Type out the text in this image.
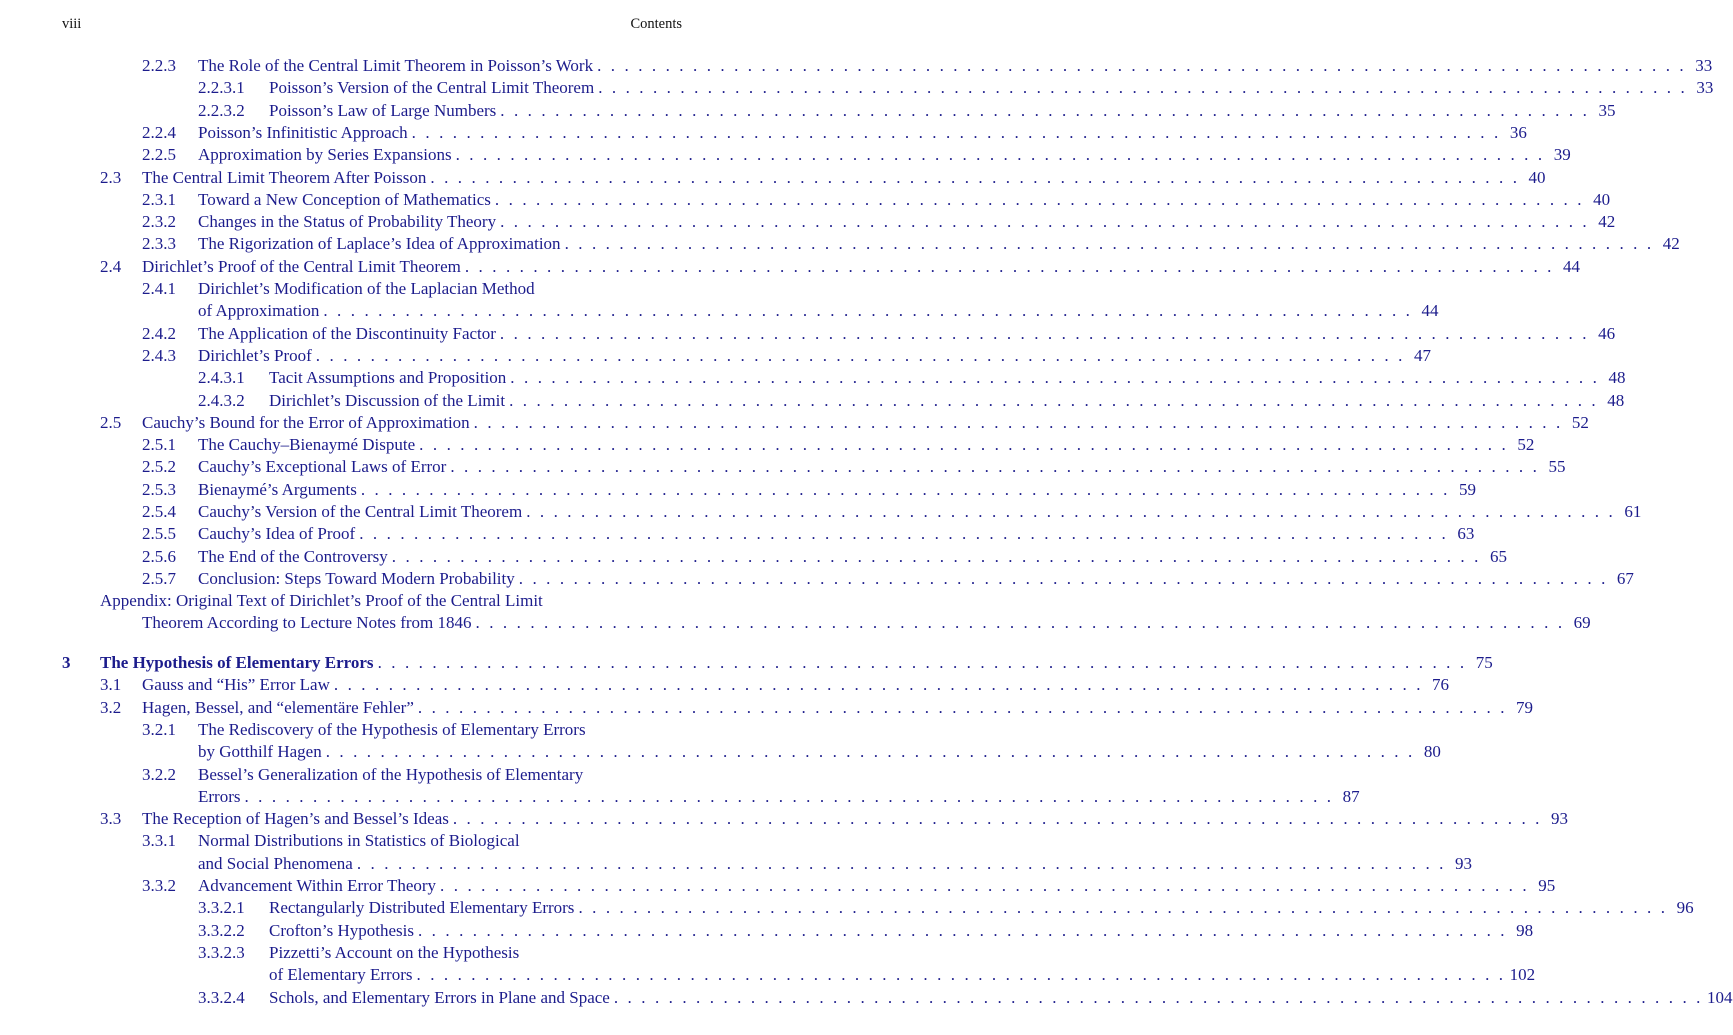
viii	Contents
2.2.3 The Role of the Central Limit Theorem in Poisson’s Work . . . . . . . . . . . . . . . . . . . . . . . . . . . . . . . . . . . . . . . . . . . . . . . . . . . . . . . . . . . . . . . . . . . . . . . . . . . . . . . . 33
2.2.3.1 Poisson’s Version of the Central Limit Theorem . . . . . . . . . . . . . . . . . . . . . . . . . . . . . . . . . . . . . . . . . . . . . . . . . . . . . . . . . . . . . . . . . . . . . . . . . . . . . . . . 33
2.2.3.2 Poisson’s Law of Large Numbers . . . . . . . . . . . . . . . . . . . . . . . . . . . . . . . . . . . . . . . . . . . . . . . . . . . . . . . . . . . . . . . . . . . . . . . . . . . . . . . . 35
2.2.4 Poisson’s Infinitistic Approach . . . . . . . . . . . . . . . . . . . . . . . . . . . . . . . . . . . . . . . . . . . . . . . . . . . . . . . . . . . . . . . . . . . . . . . . . . . . . . . . 36
2.2.5 Approximation by Series Expansions . . . . . . . . . . . . . . . . . . . . . . . . . . . . . . . . . . . . . . . . . . . . . . . . . . . . . . . . . . . . . . . . . . . . . . . . . . . . . . . . 39
2.3 The Central Limit Theorem After Poisson . . . . . . . . . . . . . . . . . . . . . . . . . . . . . . . . . . . . . . . . . . . . . . . . . . . . . . . . . . . . . . . . . . . . . . . . . . . . . . . . 40
2.3.1 Toward a New Conception of Mathematics . . . . . . . . . . . . . . . . . . . . . . . . . . . . . . . . . . . . . . . . . . . . . . . . . . . . . . . . . . . . . . . . . . . . . . . . . . . . . . . . 40
2.3.2 Changes in the Status of Probability Theory . . . . . . . . . . . . . . . . . . . . . . . . . . . . . . . . . . . . . . . . . . . . . . . . . . . . . . . . . . . . . . . . . . . . . . . . . . . . . . . . 42
2.3.3 The Rigorization of Laplace’s Idea of Approximation . . . . . . . . . . . . . . . . . . . . . . . . . . . . . . . . . . . . . . . . . . . . . . . . . . . . . . . . . . . . . . . . . . . . . . . . . . . . . . . . 42
2.4 Dirichlet’s Proof of the Central Limit Theorem . . . . . . . . . . . . . . . . . . . . . . . . . . . . . . . . . . . . . . . . . . . . . . . . . . . . . . . . . . . . . . . . . . . . . . . . . . . . . . . . 44
2.4.1 Dirichlet’s Modification of the Laplacian Method
of Approximation . . . . . . . . . . . . . . . . . . . . . . . . . . . . . . . . . . . . . . . . . . . . . . . . . . . . . . . . . . . . . . . . . . . . . . . . . . . . . . . . 44
2.4.2 The Application of the Discontinuity Factor . . . . . . . . . . . . . . . . . . . . . . . . . . . . . . . . . . . . . . . . . . . . . . . . . . . . . . . . . . . . . . . . . . . . . . . . . . . . . . . . 46
2.4.3 Dirichlet’s Proof . . . . . . . . . . . . . . . . . . . . . . . . . . . . . . . . . . . . . . . . . . . . . . . . . . . . . . . . . . . . . . . . . . . . . . . . . . . . . . . . 47
2.4.3.1 Tacit Assumptions and Proposition . . . . . . . . . . . . . . . . . . . . . . . . . . . . . . . . . . . . . . . . . . . . . . . . . . . . . . . . . . . . . . . . . . . . . . . . . . . . . . . . 48
2.4.3.2 Dirichlet’s Discussion of the Limit . . . . . . . . . . . . . . . . . . . . . . . . . . . . . . . . . . . . . . . . . . . . . . . . . . . . . . . . . . . . . . . . . . . . . . . . . . . . . . . . 48
2.5 Cauchy’s Bound for the Error of Approximation . . . . . . . . . . . . . . . . . . . . . . . . . . . . . . . . . . . . . . . . . . . . . . . . . . . . . . . . . . . . . . . . . . . . . . . . . . . . . . . . 52
2.5.1 The Cauchy–Bienaymé Dispute . . . . . . . . . . . . . . . . . . . . . . . . . . . . . . . . . . . . . . . . . . . . . . . . . . . . . . . . . . . . . . . . . . . . . . . . . . . . . . . . 52
2.5.2 Cauchy’s Exceptional Laws of Error . . . . . . . . . . . . . . . . . . . . . . . . . . . . . . . . . . . . . . . . . . . . . . . . . . . . . . . . . . . . . . . . . . . . . . . . . . . . . . . . 55
2.5.3 Bienaymé’s Arguments . . . . . . . . . . . . . . . . . . . . . . . . . . . . . . . . . . . . . . . . . . . . . . . . . . . . . . . . . . . . . . . . . . . . . . . . . . . . . . . . 59
2.5.4 Cauchy’s Version of the Central Limit Theorem . . . . . . . . . . . . . . . . . . . . . . . . . . . . . . . . . . . . . . . . . . . . . . . . . . . . . . . . . . . . . . . . . . . . . . . . . . . . . . . . 61
2.5.5 Cauchy’s Idea of Proof . . . . . . . . . . . . . . . . . . . . . . . . . . . . . . . . . . . . . . . . . . . . . . . . . . . . . . . . . . . . . . . . . . . . . . . . . . . . . . . . 63
2.5.6 The End of the Controversy . . . . . . . . . . . . . . . . . . . . . . . . . . . . . . . . . . . . . . . . . . . . . . . . . . . . . . . . . . . . . . . . . . . . . . . . . . . . . . . . 65
2.5.7 Conclusion: Steps Toward Modern Probability . . . . . . . . . . . . . . . . . . . . . . . . . . . . . . . . . . . . . . . . . . . . . . . . . . . . . . . . . . . . . . . . . . . . . . . . . . . . . . . . 67
Appendix: Original Text of Dirichlet’s Proof of the Central Limit
Theorem According to Lecture Notes from 1846 . . . . . . . . . . . . . . . . . . . . . . . . . . . . . . . . . . . . . . . . . . . . . . . . . . . . . . . . . . . . . . . . . . . . . . . . . . . . . . . . 69
3 The Hypothesis of Elementary Errors . . . . . . . . . . . . . . . . . . . . . . . . . . . . . . . . . . . . . . . . . . . . . . . . . . . . . . . . . . . . . . . . . . . . . . . . . . . . . . . . 75
3.1 Gauss and “His” Error Law . . . . . . . . . . . . . . . . . . . . . . . . . . . . . . . . . . . . . . . . . . . . . . . . . . . . . . . . . . . . . . . . . . . . . . . . . . . . . . . . 76
3.2 Hagen, Bessel, and “elementäre Fehler” . . . . . . . . . . . . . . . . . . . . . . . . . . . . . . . . . . . . . . . . . . . . . . . . . . . . . . . . . . . . . . . . . . . . . . . . . . . . . . . . 79
3.2.1 The Rediscovery of the Hypothesis of Elementary Errors
by Gotthilf Hagen . . . . . . . . . . . . . . . . . . . . . . . . . . . . . . . . . . . . . . . . . . . . . . . . . . . . . . . . . . . . . . . . . . . . . . . . . . . . . . . . 80
3.2.2 Bessel’s Generalization of the Hypothesis of Elementary
Errors . . . . . . . . . . . . . . . . . . . . . . . . . . . . . . . . . . . . . . . . . . . . . . . . . . . . . . . . . . . . . . . . . . . . . . . . . . . . . . . . 87
3.3 The Reception of Hagen’s and Bessel’s Ideas . . . . . . . . . . . . . . . . . . . . . . . . . . . . . . . . . . . . . . . . . . . . . . . . . . . . . . . . . . . . . . . . . . . . . . . . . . . . . . . . 93
3.3.1 Normal Distributions in Statistics of Biological
and Social Phenomena . . . . . . . . . . . . . . . . . . . . . . . . . . . . . . . . . . . . . . . . . . . . . . . . . . . . . . . . . . . . . . . . . . . . . . . . . . . . . . . . 93
3.3.2 Advancement Within Error Theory . . . . . . . . . . . . . . . . . . . . . . . . . . . . . . . . . . . . . . . . . . . . . . . . . . . . . . . . . . . . . . . . . . . . . . . . . . . . . . . . 95
3.3.2.1 Rectangularly Distributed Elementary Errors . . . . . . . . . . . . . . . . . . . . . . . . . . . . . . . . . . . . . . . . . . . . . . . . . . . . . . . . . . . . . . . . . . . . . . . . . . . . . . . . 96
3.3.2.2 Crofton’s Hypothesis . . . . . . . . . . . . . . . . . . . . . . . . . . . . . . . . . . . . . . . . . . . . . . . . . . . . . . . . . . . . . . . . . . . . . . . . . . . . . . . . 98
3.3.2.3 Pizzetti’s Account on the Hypothesis
of Elementary Errors . . . . . . . . . . . . . . . . . . . . . . . . . . . . . . . . . . . . . . . . . . . . . . . . . . . . . . . . . . . . . . . . . . . . . . . . . . . . . . . . 102
3.3.2.4 Schols, and Elementary Errors in Plane and Space . . . . . . . . . . . . . . . . . . . . . . . . . . . . . . . . . . . . . . . . . . . . . . . . . . . . . . . . . . . . . . . . . . . . . . . . . . . . . . . . 104
